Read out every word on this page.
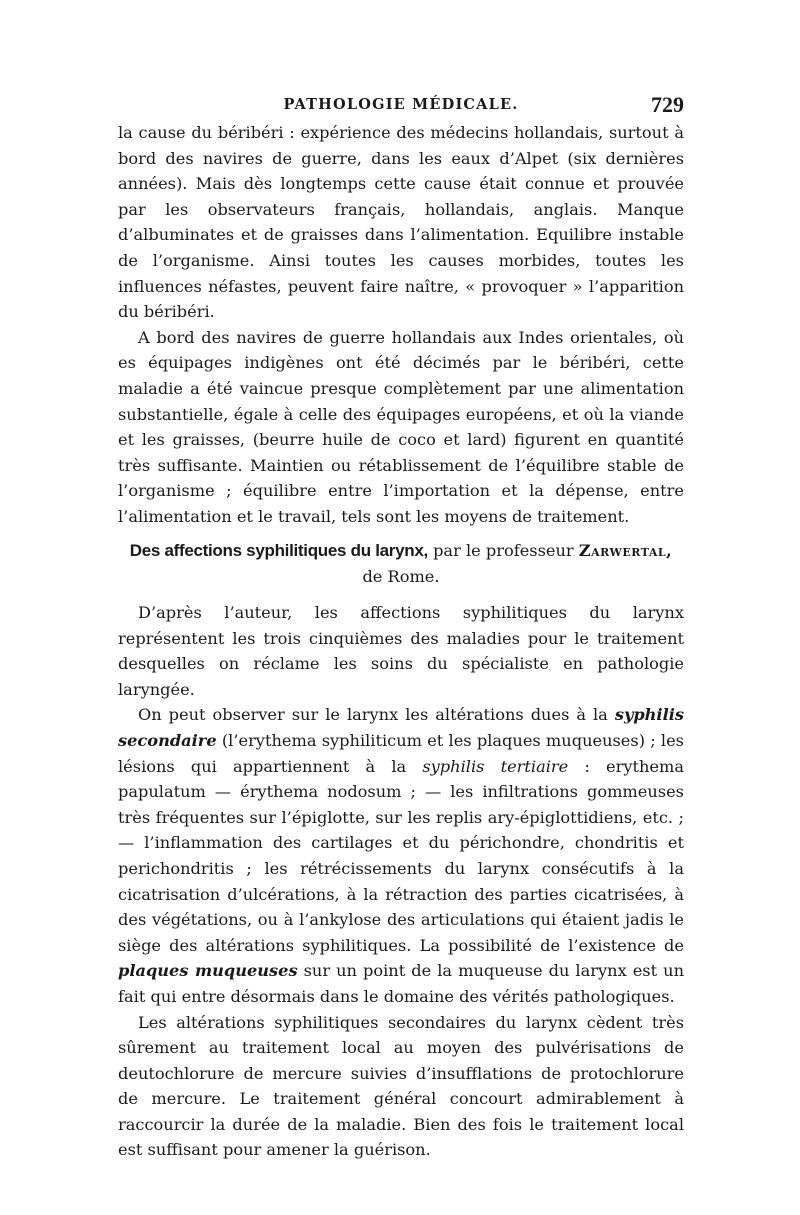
PATHOLOGIE MÉDICALE.	729

la cause du béribéri : expérience des médecins hollandais, surtout à bord des navires de guerre, dans les eaux d’Alpet (six dernières années). Mais dès longtemps cette cause était connue et prouvée par les observateurs français, hollandais, anglais. Manque d’albuminates et de graisses dans l’alimentation. Equilibre instable de l’organisme. Ainsi toutes les causes morbides, toutes les influences néfastes, peuvent faire naître, « provoquer » l’apparition du béribéri.

A bord des navires de guerre hollandais aux Indes orientales, où es équipages indigènes ont été décimés par le béribéri, cette maladie a été vaincue presque complètement par une alimentation substantielle, égale à celle des équipages européens, et où la viande et les graisses, (beurre huile de coco et lard) figurent en quantité très suffisante. Maintien ou rétablissement de l’équilibre stable de l’organisme ; équilibre entre l’importation et la dépense, entre l’alimentation et le travail, tels sont les moyens de traitement.

Des affections syphilitiques du larynx, par le professeur Zarwertal,
de Rome.

D’après l’auteur, les affections syphilitiques du larynx représentent les trois cinquièmes des maladies pour le traitement desquelles on réclame les soins du spécialiste en pathologie laryngée.

On peut observer sur le larynx les altérations dues à la syphilis secondaire (l’erythema syphiliticum et les plaques muqueuses) ; les lésions qui appartiennent à la syphilis tertiaire : erythema papulatum — érythema nodosum ; — les infiltrations gommeuses très fréquentes sur l’épiglotte, sur les replis ary-épiglottidiens, etc. ; — l’inflammation des cartilages et du périchondre, chondritis et perichondritis ; les rétrécissements du larynx consécutifs à la cicatrisation d’ulcérations, à la rétraction des parties cicatrisées, à des végétations, ou à l’ankylose des articulations qui étaient jadis le siège des altérations syphilitiques. La possibilité de l’existence de plaques muqueuses sur un point de la muqueuse du larynx est un fait qui entre désormais dans le domaine des vérités pathologiques.

Les altérations syphilitiques secondaires du larynx cèdent très sûrement au traitement local au moyen des pulvérisations de deutochlorure de mercure suivies d’insufflations de protochlorure de mercure. Le traitement général concourt admirablement à raccourcir la durée de la maladie. Bien des fois le traitement local est suffisant pour amener la guérison.
